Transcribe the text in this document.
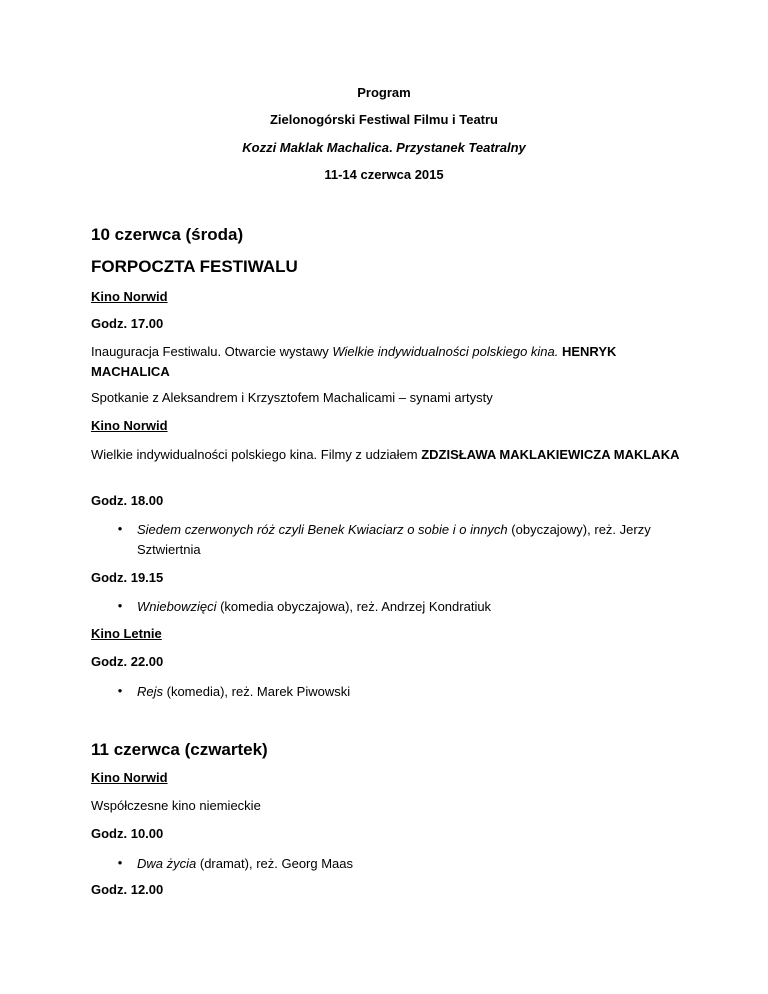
Program
Zielonogórski Festiwal Filmu i Teatru
Kozzi Maklak Machalica. Przystanek Teatralny
11-14 czerwca 2015
10 czerwca (środa)
FORPOCZTA FESTIWALU
Kino Norwid
Godz. 17.00
Inauguracja Festiwalu. Otwarcie wystawy Wielkie indywidualności polskiego kina. HENRYK MACHALICA
Spotkanie z Aleksandrem i Krzysztofem Machalicami – synami artysty
Kino Norwid
Wielkie indywidualności polskiego kina. Filmy z udziałem ZDZISŁAWA MAKLAKIEWICZA MAKLAKA
Godz. 18.00
●	Siedem czerwonych róż czyli Benek Kwiaciarz o sobie i o innych (obyczajowy), reż. Jerzy Sztwiertnia
Godz. 19.15
●	Wniebowzięci (komedia obyczajowa), reż. Andrzej Kondratiuk
Kino Letnie
Godz. 22.00
●	Rejs (komedia), reż. Marek Piwowski
11 czerwca (czwartek)
Kino Norwid
Współczesne kino niemieckie
Godz. 10.00
●	Dwa życia (dramat), reż. Georg Maas
Godz. 12.00
